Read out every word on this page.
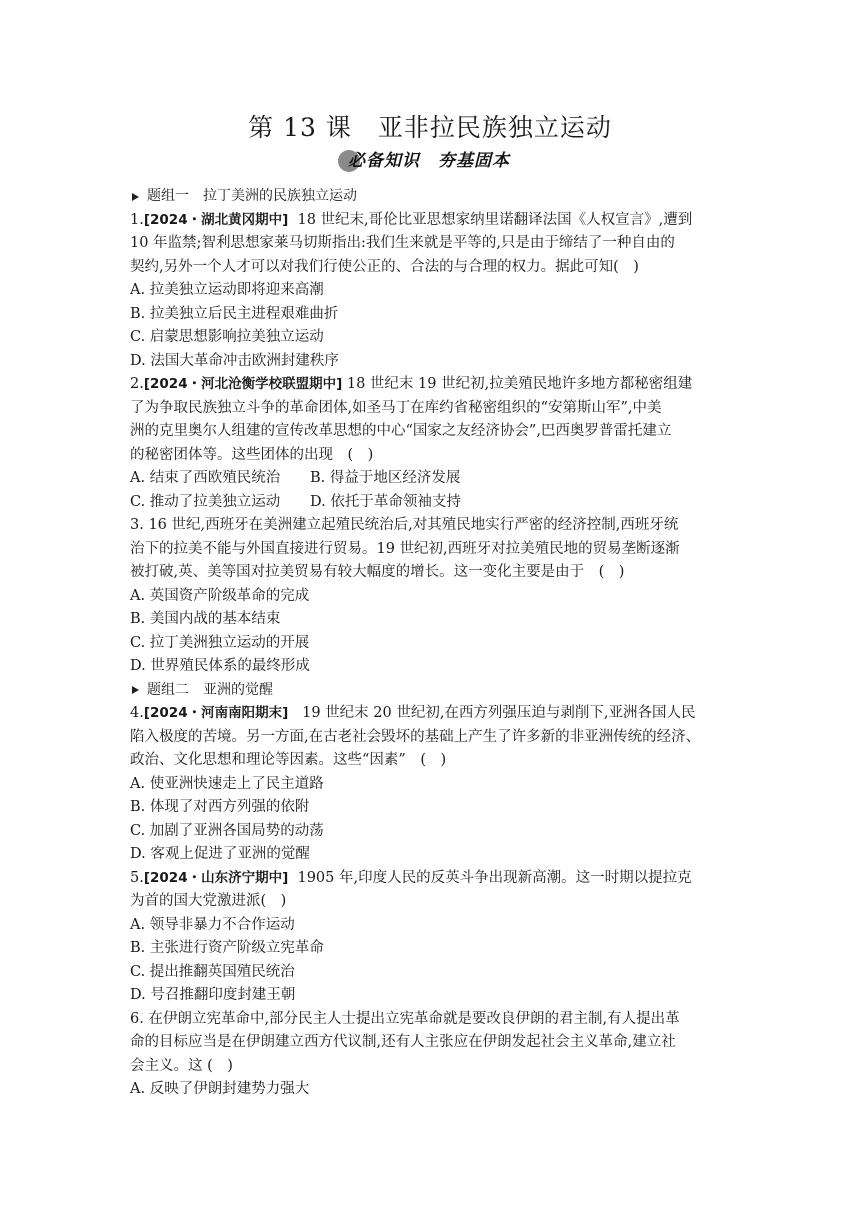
第 13 课　亚非拉民族独立运动
必备知识　夯基固本
题组一　拉丁美洲的民族独立运动
1.[2024・湖北黄冈期中] 18 世纪末,哥伦比亚思想家纳里诺翻译法国《人权宣言》,遭到
10 年监禁;智利思想家莱马切斯指出:我们生来就是平等的,只是由于缔结了一种自由的
契约,另外一个人才可以对我们行使公正的、合法的与合理的权力。据此可知(　)
A. 拉美独立运动即将迎来高潮
B. 拉美独立后民主进程艰难曲折
C. 启蒙思想影响拉美独立运动
D. 法国大革命冲击欧洲封建秩序
2.[2024・河北沧衡学校联盟期中] 18 世纪末 19 世纪初,拉美殖民地许多地方都秘密组建
了为争取民族独立斗争的革命团体,如圣马丁在库约省秘密组织的“安第斯山军”,中美
洲的克里奥尔人组建的宣传改革思想的中心“国家之友经济协会”,巴西奥罗普雷托建立
的秘密团体等。这些团体的出现　(　)
A. 结束了西欧殖民统治	B. 得益于地区经济发展
C. 推动了拉美独立运动	D. 依托于革命领袖支持
3. 16 世纪,西班牙在美洲建立起殖民统治后,对其殖民地实行严密的经济控制,西班牙统
治下的拉美不能与外国直接进行贸易。19 世纪初,西班牙对拉美殖民地的贸易垄断逐渐
被打破,英、美等国对拉美贸易有较大幅度的增长。这一变化主要是由于　(　)
A. 英国资产阶级革命的完成
B. 美国内战的基本结束
C. 拉丁美洲独立运动的开展
D. 世界殖民体系的最终形成
题组二　亚洲的觉醒
4.[2024・河南南阳期末] 19 世纪末 20 世纪初,在西方列强压迫与剥削下,亚洲各国人民
陷入极度的苦境。另一方面,在古老社会毁坏的基础上产生了许多新的非亚洲传统的经济、
政治、文化思想和理论等因素。这些“因素”　(　)
A. 使亚洲快速走上了民主道路
B. 体现了对西方列强的依附
C. 加剧了亚洲各国局势的动荡
D. 客观上促进了亚洲的觉醒
5.[2024・山东济宁期中] 1905 年,印度人民的反英斗争出现新高潮。这一时期以提拉克
为首的国大党激进派(　)
A. 领导非暴力不合作运动
B. 主张进行资产阶级立宪革命
C. 提出推翻英国殖民统治
D. 号召推翻印度封建王朝
6. 在伊朗立宪革命中,部分民主人士提出立宪革命就是要改良伊朗的君主制,有人提出革
命的目标应当是在伊朗建立西方代议制,还有人主张应在伊朗发起社会主义革命,建立社
会主义。这 (　)
A. 反映了伊朗封建势力强大
